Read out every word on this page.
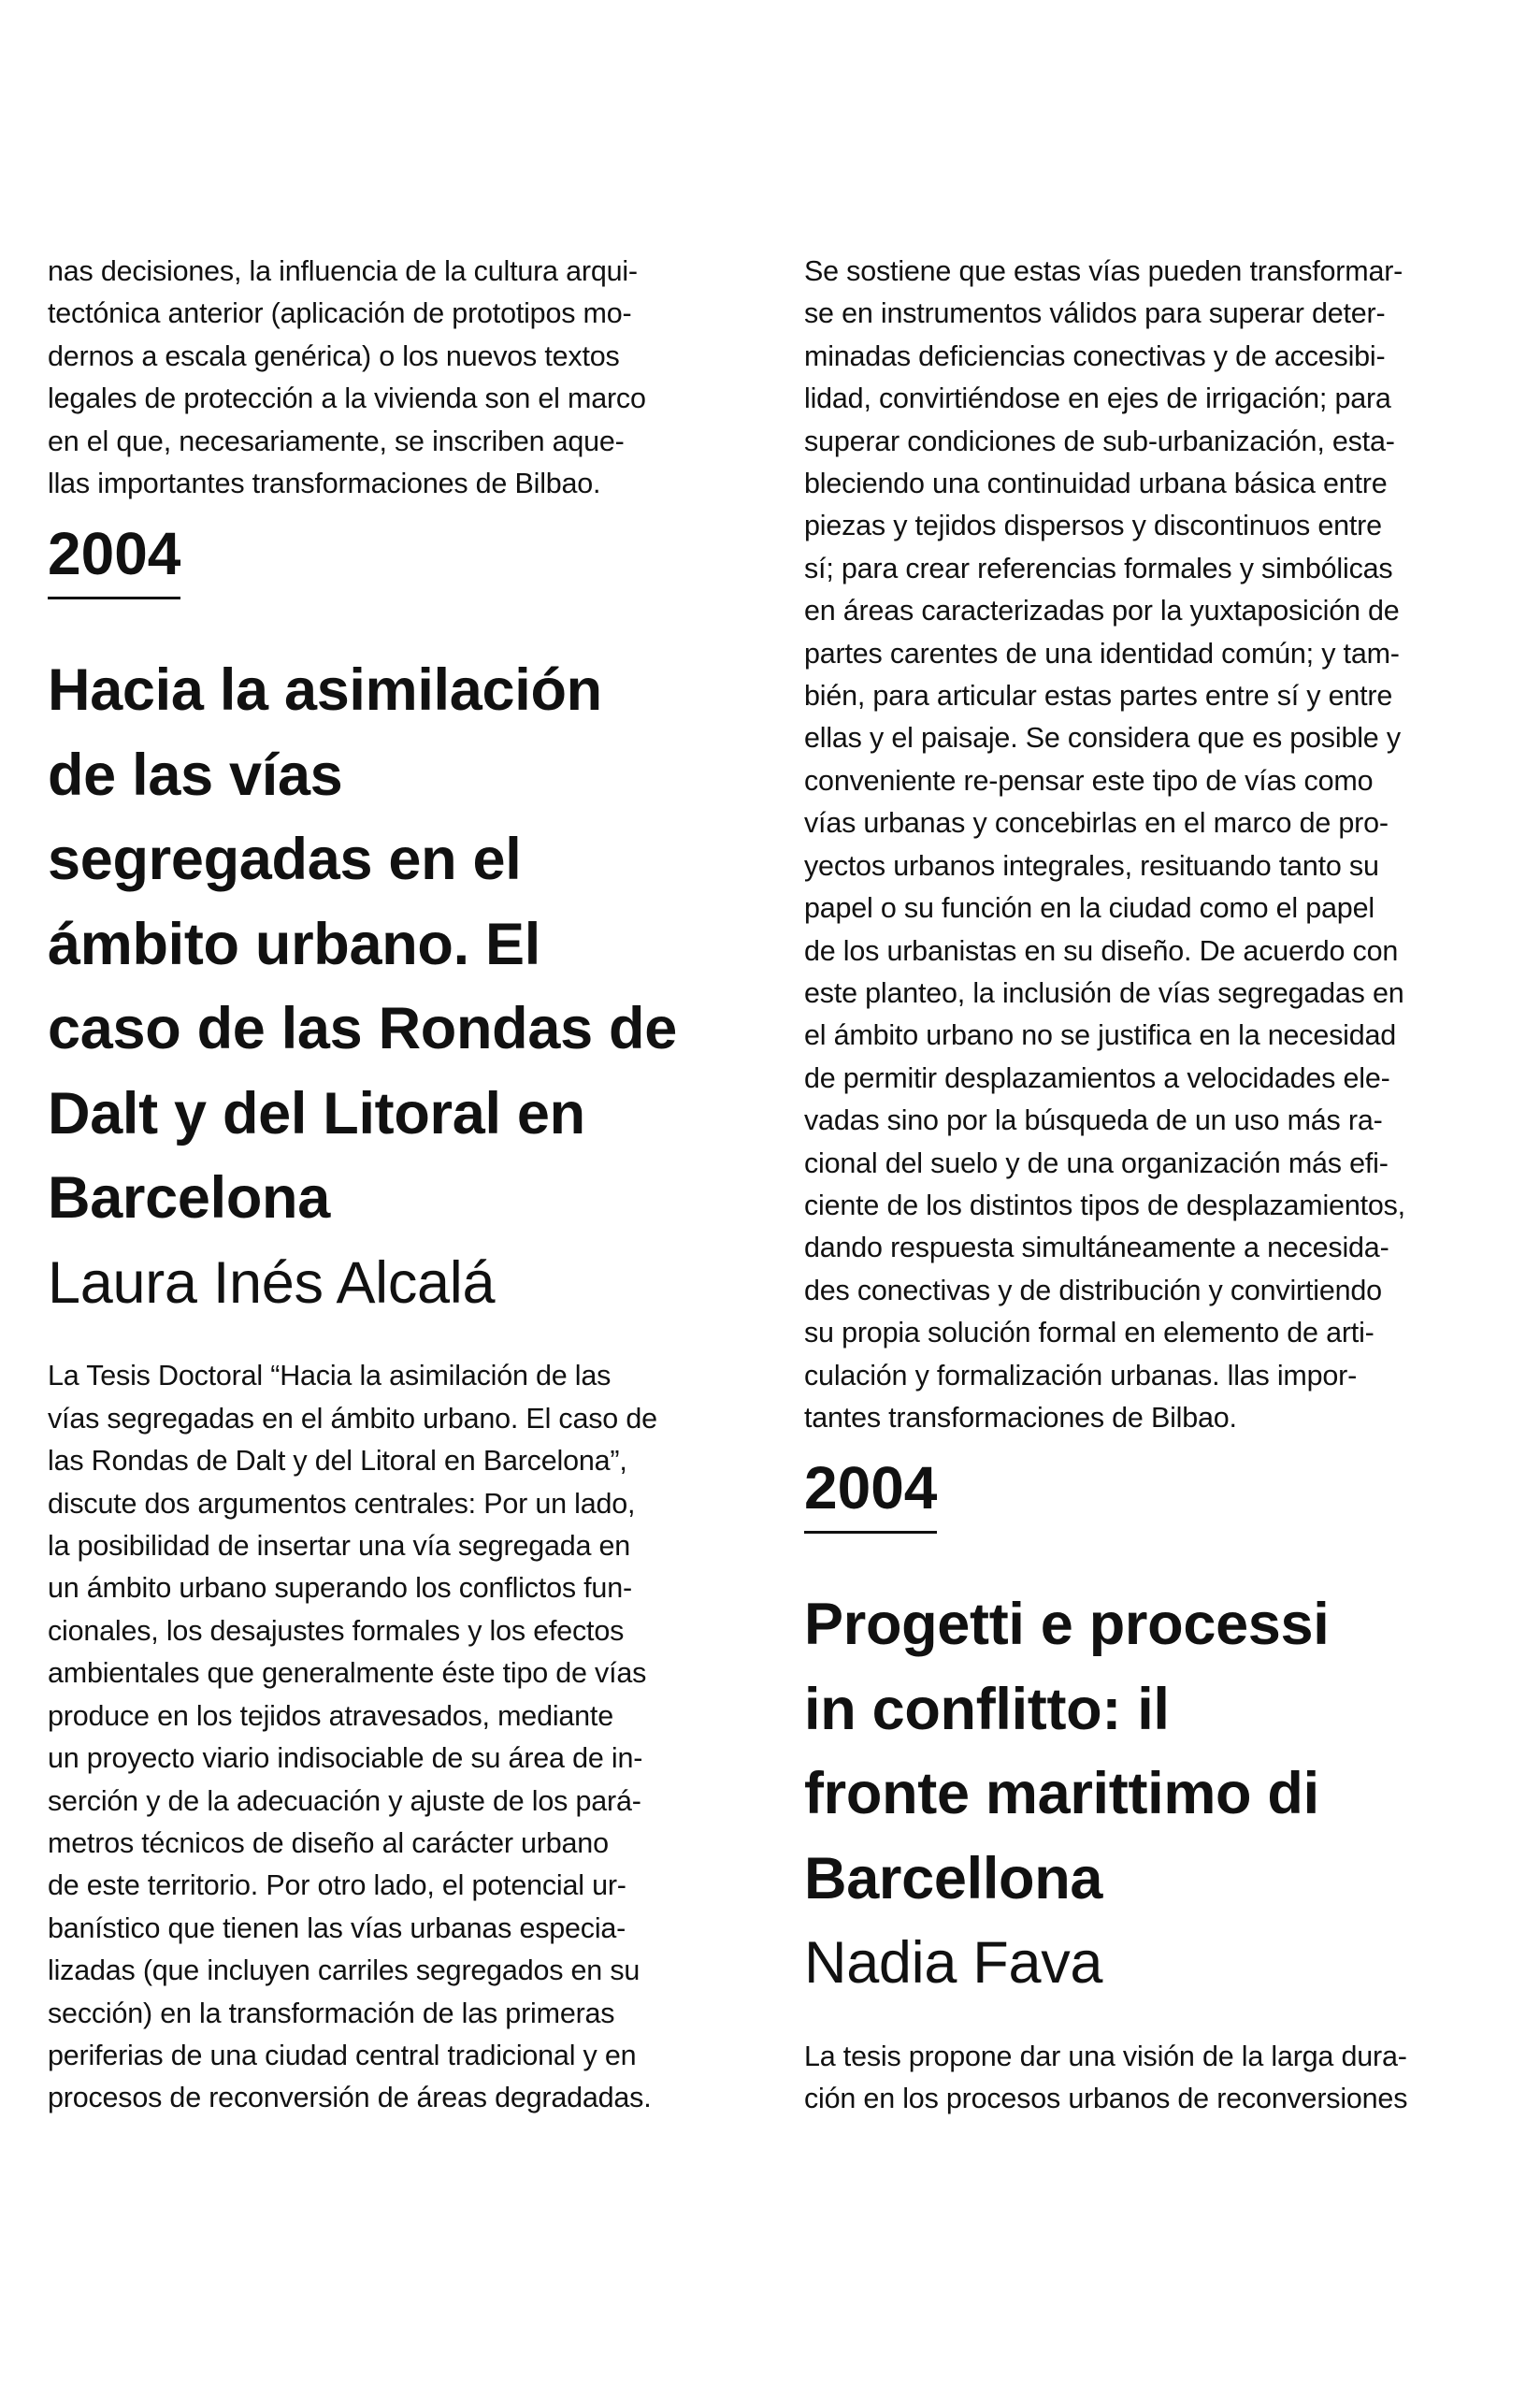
nas decisiones, la influencia de la cultura arqui-
tectónica anterior (aplicación de prototipos mo-
dernos a escala genérica) o los nuevos textos
legales de protección a la vivienda son el marco
en el que, necesariamente, se inscriben aque-
llas importantes transformaciones de Bilbao.

2004
Hacia la asimilación
de las vías
segregadas en el
ámbito urbano. El
caso de las Rondas de
Dalt y del Litoral en
Barcelona
Laura Inés Alcalá

La Tesis Doctoral “Hacia la asimilación de las
vías segregadas en el ámbito urbano. El caso de
las Rondas de Dalt y del Litoral en Barcelona”,
discute dos argumentos centrales: Por un lado,
la posibilidad de insertar una vía segregada en
un ámbito urbano superando los conflictos fun-
cionales, los desajustes formales y los efectos
ambientales que generalmente éste tipo de vías
produce en los tejidos atravesados, mediante
un proyecto viario indisociable de su área de in-
serción y de la adecuación y ajuste de los pará-
metros técnicos de diseño al carácter urbano
de este territorio. Por otro lado, el potencial ur-
banístico que tienen las vías urbanas especia-
lizadas (que incluyen carriles segregados en su
sección) en la transformación de las primeras
periferias de una ciudad central tradicional y en
procesos de reconversión de áreas degradadas.

Se sostiene que estas vías pueden transformar-
se en instrumentos válidos para superar deter-
minadas deficiencias conectivas y de accesibi-
lidad, convirtiéndose en ejes de irrigación; para
superar condiciones de sub-urbanización, esta-
bleciendo una continuidad urbana básica entre
piezas y tejidos dispersos y discontinuos entre
sí; para crear referencias formales y simbólicas
en áreas caracterizadas por la yuxtaposición de
partes carentes de una identidad común; y tam-
bién, para articular estas partes entre sí y entre
ellas y el paisaje. Se considera que es posible y
conveniente re-pensar este tipo de vías como
vías urbanas y concebirlas en el marco de pro-
yectos urbanos integrales, resituando tanto su
papel o su función en la ciudad como el papel
de los urbanistas en su diseño. De acuerdo con
este planteo, la inclusión de vías segregadas en
el ámbito urbano no se justifica en la necesidad
de permitir desplazamientos a velocidades ele-
vadas sino por la búsqueda de un uso más ra-
cional del suelo y de una organización más efi-
ciente de los distintos tipos de desplazamientos,
dando respuesta simultáneamente a necesida-
des conectivas y de distribución y convirtiendo
su propia solución formal en elemento de arti-
culación y formalización urbanas. llas impor-
tantes transformaciones de Bilbao.

2004
Progetti e processi
in conflitto: il
fronte marittimo di
Barcellona
Nadia Fava

La tesis propone dar una visión de la larga dura-
ción en los procesos urbanos de reconversiones
